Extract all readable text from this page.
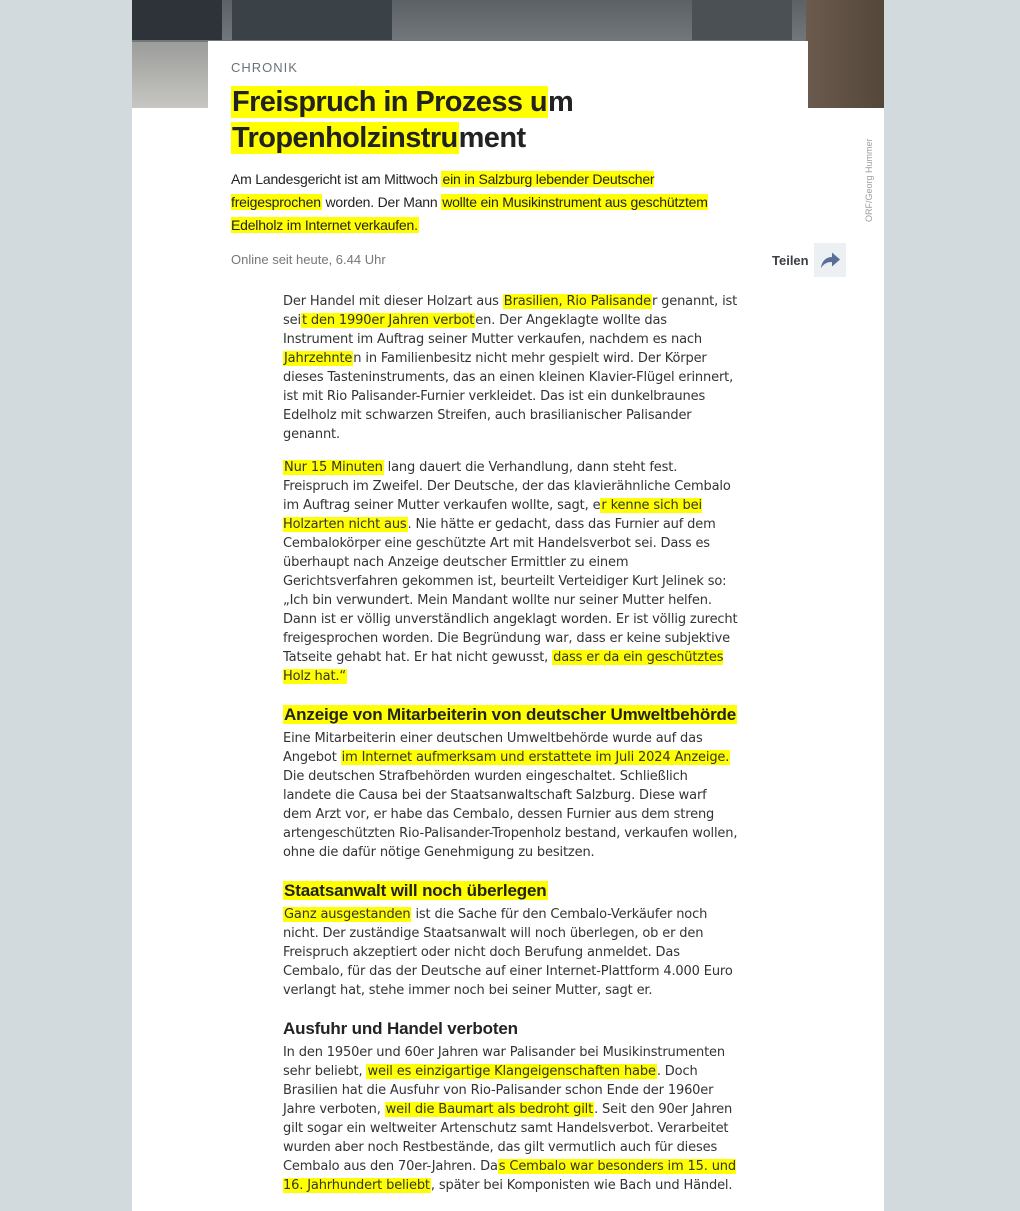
ORF/Georg Hummer
CHRONIK
Freispruch in Prozess um
Tropenholzinstrument

Am Landesgericht ist am Mittwoch ein in Salzburg lebender Deutscher freigesprochen worden. Der Mann wollte ein Musikinstrument aus geschütztem Edelholz im Internet verkaufen.

Online seit heute, 6.44 Uhr	Teilen

Der Handel mit dieser Holzart aus Brasilien, Rio Palisander genannt, ist seit den 1990er Jahren verboten. Der Angeklagte wollte das Instrument im Auftrag seiner Mutter verkaufen, nachdem es nach Jahrzehnten in Familienbesitz nicht mehr gespielt wird. Der Körper dieses Tasteninstruments, das an einen kleinen Klavier-Flügel erinnert, ist mit Rio Palisander-Furnier verkleidet. Das ist ein dunkelbraunes Edelholz mit schwarzen Streifen, auch brasilianischer Palisander genannt.

Nur 15 Minuten lang dauert die Verhandlung, dann steht fest. Freispruch im Zweifel. Der Deutsche, der das klavierähnliche Cembalo im Auftrag seiner Mutter verkaufen wollte, sagt, er kenne sich bei Holzarten nicht aus. Nie hätte er gedacht, dass das Furnier auf dem Cembalokörper eine geschützte Art mit Handelsverbot sei. Dass es überhaupt nach Anzeige deutscher Ermittler zu einem Gerichtsverfahren gekommen ist, beurteilt Verteidiger Kurt Jelinek so: „Ich bin verwundert. Mein Mandant wollte nur seiner Mutter helfen. Dann ist er völlig unverständlich angeklagt worden. Er ist völlig zurecht freigesprochen worden. Die Begründung war, dass er keine subjektive Tatseite gehabt hat. Er hat nicht gewusst, dass er da ein geschütztes Holz hat.“

Anzeige von Mitarbeiterin von deutscher Umweltbehörde

Eine Mitarbeiterin einer deutschen Umweltbehörde wurde auf das Angebot im Internet aufmerksam und erstattete im Juli 2024 Anzeige. Die deutschen Strafbehörden wurden eingeschaltet. Schließlich landete die Causa bei der Staatsanwaltschaft Salzburg. Diese warf dem Arzt vor, er habe das Cembalo, dessen Furnier aus dem streng artengeschützten Rio-Palisander-Tropenholz bestand, verkaufen wollen, ohne die dafür nötige Genehmigung zu besitzen.

Staatsanwalt will noch überlegen

Ganz ausgestanden ist die Sache für den Cembalo-Verkäufer noch nicht. Der zuständige Staatsanwalt will noch überlegen, ob er den Freispruch akzeptiert oder nicht doch Berufung anmeldet. Das Cembalo, für das der Deutsche auf einer Internet-Plattform 4.000 Euro verlangt hat, stehe immer noch bei seiner Mutter, sagt er.

Ausfuhr und Handel verboten

In den 1950er und 60er Jahren war Palisander bei Musikinstrumenten sehr beliebt, weil es einzigartige Klangeigenschaften habe. Doch Brasilien hat die Ausfuhr von Rio-Palisander schon Ende der 1960er Jahre verboten, weil die Baumart als bedroht gilt. Seit den 90er Jahren gilt sogar ein weltweiter Artenschutz samt Handelsverbot. Verarbeitet wurden aber noch Restbestände, das gilt vermutlich auch für dieses Cembalo aus den 70er-Jahren. Das Cembalo war besonders im 15. und 16. Jahrhundert beliebt, später bei Komponisten wie Bach und Händel.
